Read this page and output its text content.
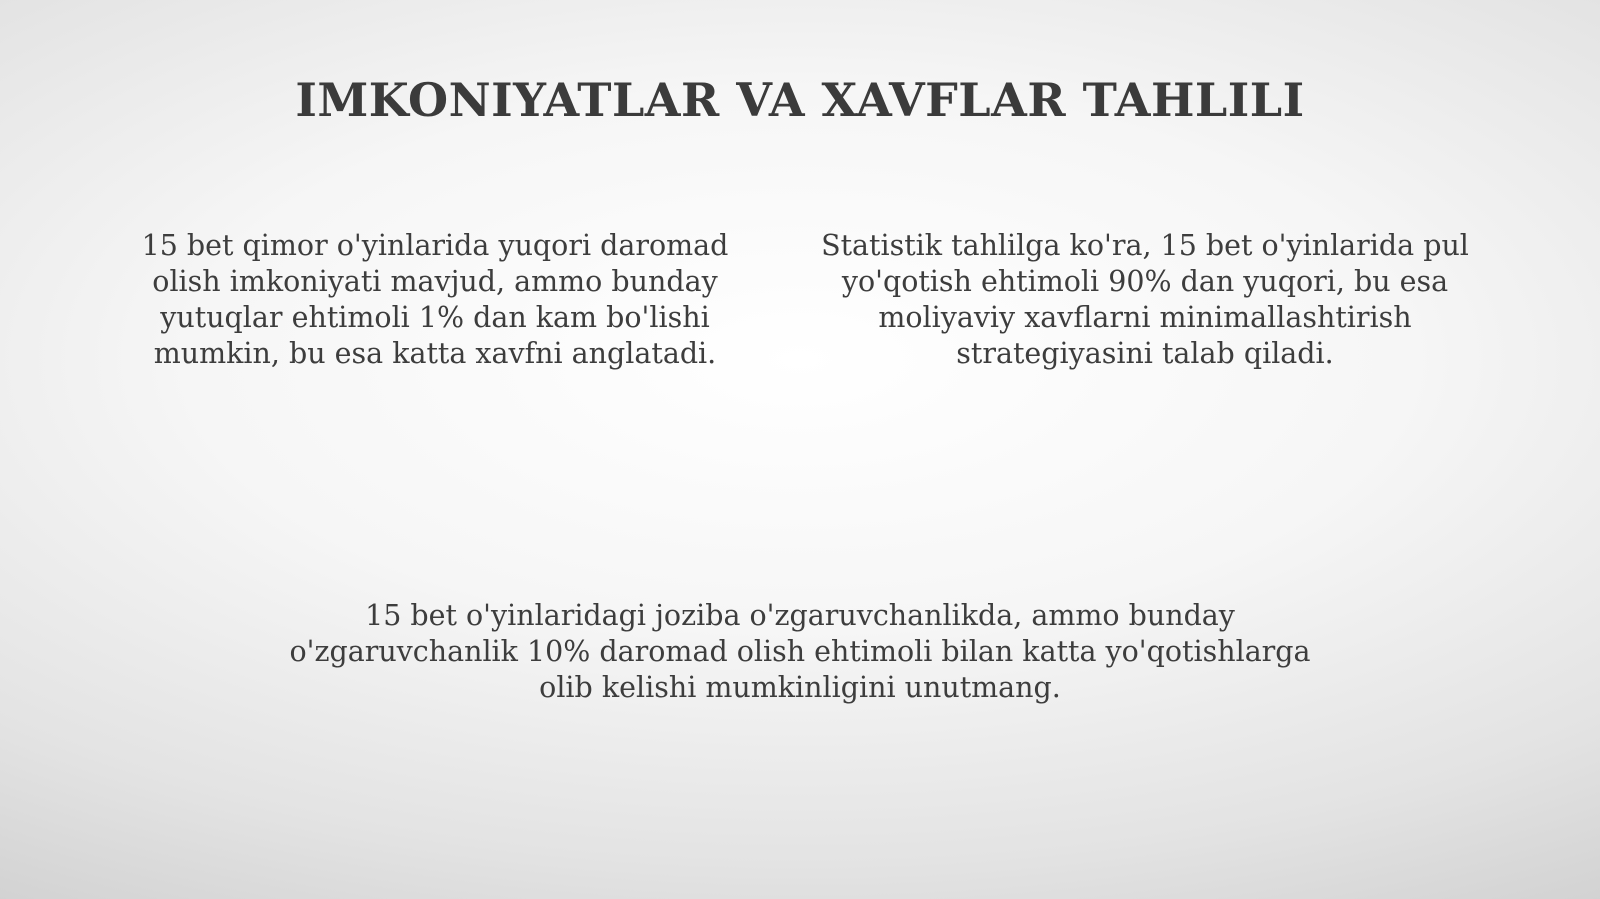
IMKONIYATLAR VA XAVFLAR TAHLILI

15 bet qimor o'yinlarida yuqori daromad olish imkoniyati mavjud, ammo bunday yutuqlar ehtimoli 1% dan kam bo'lishi mumkin, bu esa katta xavfni anglatadi.

Statistik tahlilga ko'ra, 15 bet o'yinlarida pul yo'qotish ehtimoli 90% dan yuqori, bu esa moliyaviy xavflarni minimallashtirish strategiyasini talab qiladi.

15 bet o'yinlaridagi joziba o'zgaruvchanlikda, ammo bunday o'zgaruvchanlik 10% daromad olish ehtimoli bilan katta yo'qotishlarga olib kelishi mumkinligini unutmang.
